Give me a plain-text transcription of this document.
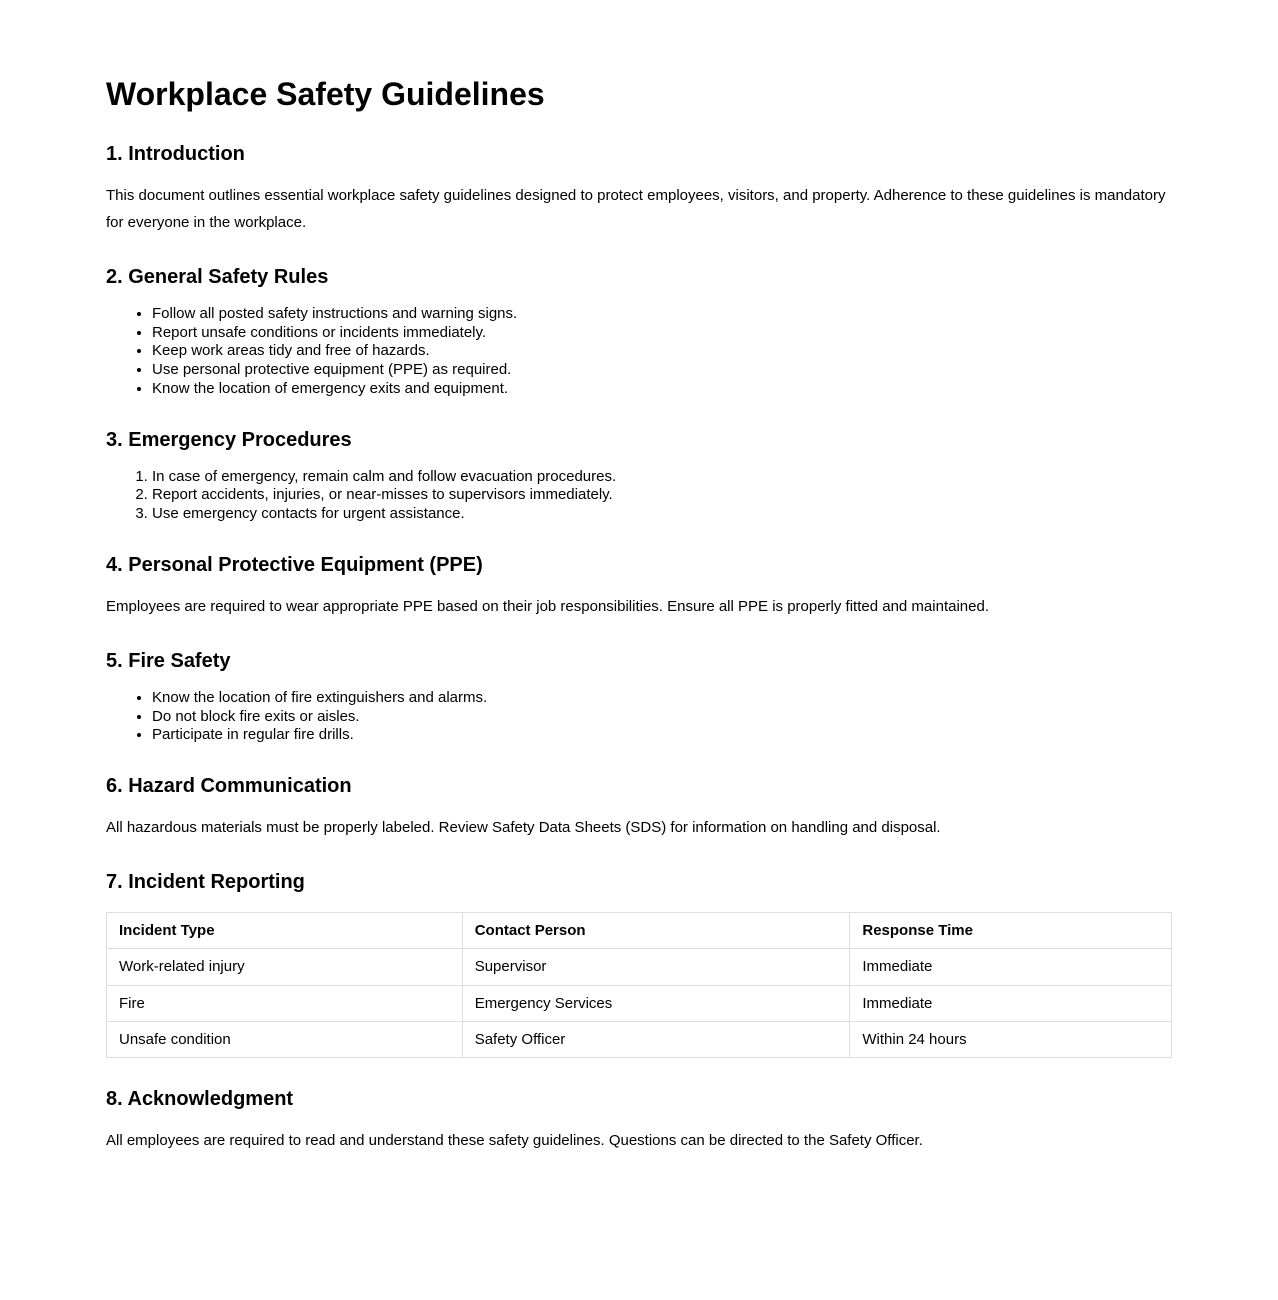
Workplace Safety Guidelines
1. Introduction

This document outlines essential workplace safety guidelines designed to protect employees, visitors, and property. Adherence to these guidelines is mandatory for everyone in the workplace.

2. General Safety Rules
• Follow all posted safety instructions and warning signs.
• Report unsafe conditions or incidents immediately.
• Keep work areas tidy and free of hazards.
• Use personal protective equipment (PPE) as required.
• Know the location of emergency exits and equipment.
3. Emergency Procedures
1. In case of emergency, remain calm and follow evacuation procedures.
2. Report accidents, injuries, or near-misses to supervisors immediately.
3. Use emergency contacts for urgent assistance.
4. Personal Protective Equipment (PPE)

Employees are required to wear appropriate PPE based on their job responsibilities. Ensure all PPE is properly fitted and maintained.

5. Fire Safety
• Know the location of fire extinguishers and alarms.
• Do not block fire exits or aisles.
• Participate in regular fire drills.
6. Hazard Communication

All hazardous materials must be properly labeled. Review Safety Data Sheets (SDS) for information on handling and disposal.

7. Incident Reporting
Incident Type	Contact Person	Response Time
Work-related injury	Supervisor	Immediate
Fire	Emergency Services	Immediate
Unsafe condition	Safety Officer	Within 24 hours
8. Acknowledgment

All employees are required to read and understand these safety guidelines. Questions can be directed to the Safety Officer.
